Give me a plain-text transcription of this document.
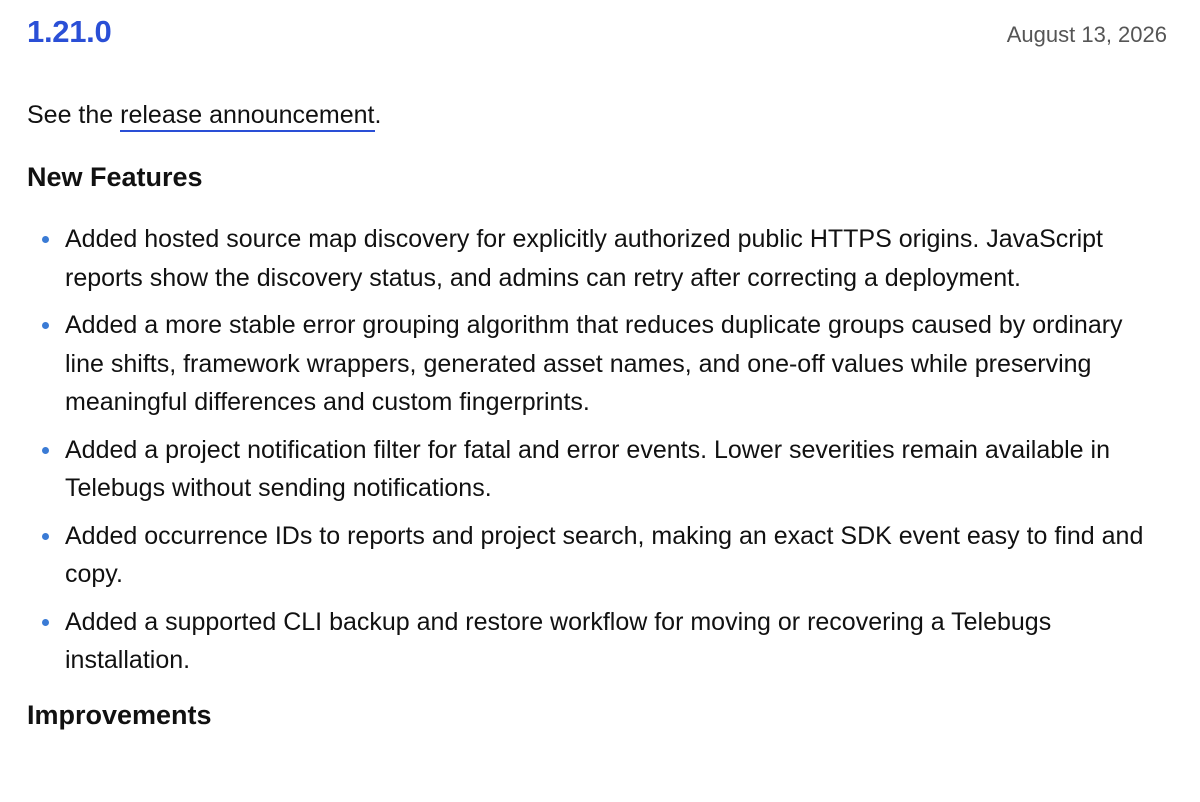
1.21.0	August 13, 2026

See the release announcement.

New Features
Added hosted source map discovery for explicitly authorized public HTTPS origins. JavaScript reports show the discovery status, and admins can retry after correcting a deployment.
Added a more stable error grouping algorithm that reduces duplicate groups caused by ordinary line shifts, framework wrappers, generated asset names, and one-off values while preserving meaningful differences and custom fingerprints.
Added a project notification filter for fatal and error events. Lower severities remain available in Telebugs without sending notifications.
Added occurrence IDs to reports and project search, making an exact SDK event easy to find and copy.
Added a supported CLI backup and restore workflow for moving or recovering a Telebugs installation.
Improvements
